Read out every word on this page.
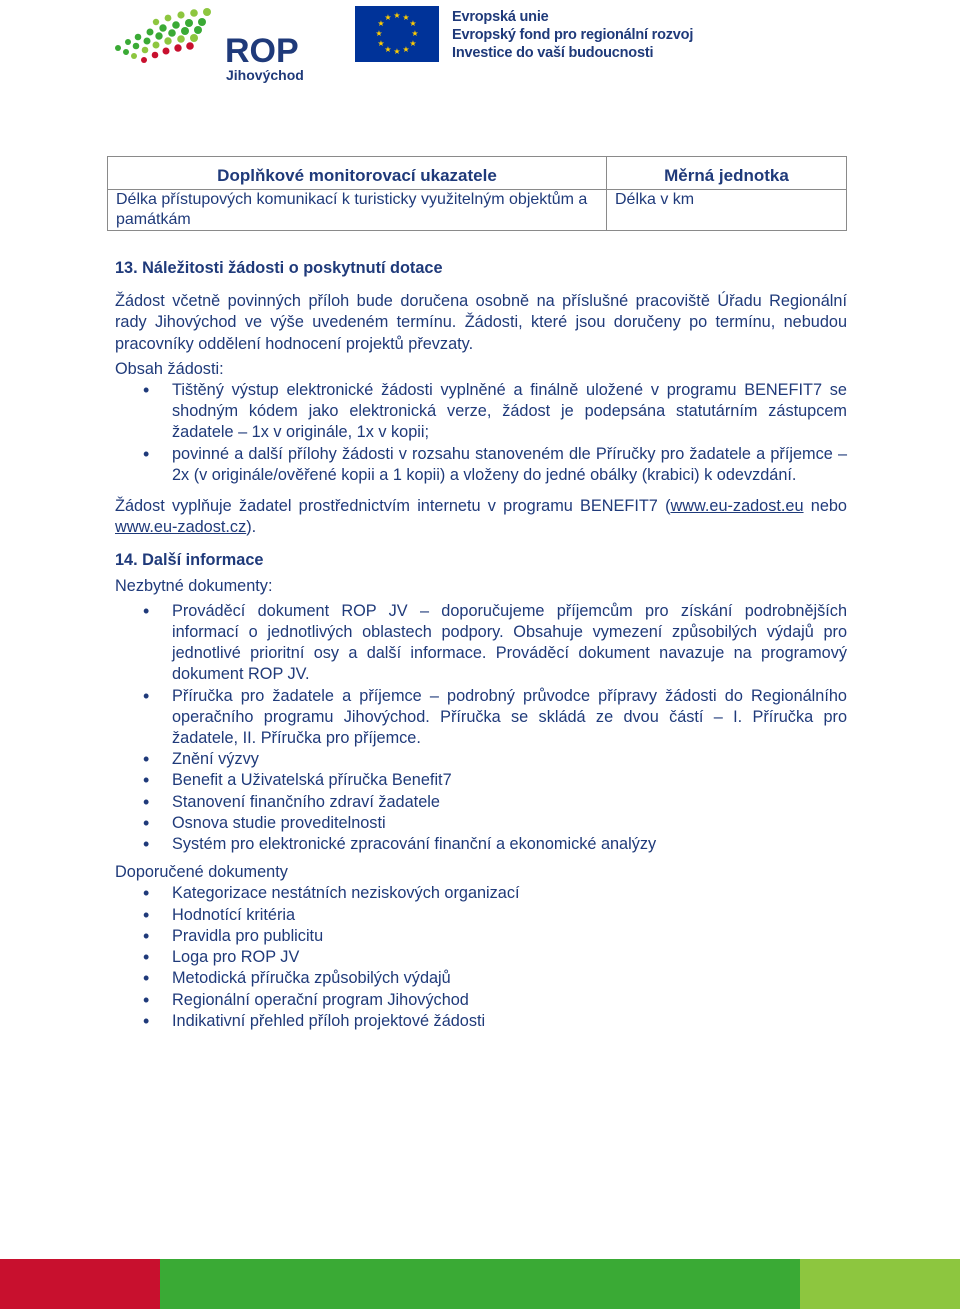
ROP
Jihovýchod
★ ★
★
★
★
★
★
★
★
★
★
★	Evropská unie
Evropský fond pro regionální rozvoj
Investice do vaší budoucnosti
Doplňkové monitorovací ukazatele	Měrná jednotka
Délka přístupových komunikací k turisticky využitelným objektům a památkám	Délka v km

13. Náležitosti žádosti o poskytnutí dotace

Žádost včetně povinných příloh bude doručena osobně na příslušné pracoviště Úřadu Regionální rady Jihovýchod ve výše uvedeném termínu. Žádosti, které jsou doručeny po termínu, nebudou pracovníky oddělení hodnocení projektů převzaty.

Obsah žádosti:

• Tištěný výstup elektronické žádosti vyplněné a finálně uložené v programu BENEFIT7 se shodným kódem jako elektronická verze, žádost je podepsána statutárním zástupcem žadatele – 1x v originále, 1x v kopii;
• povinné a další přílohy žádosti v rozsahu stanoveném dle Příručky pro žadatele a příjemce – 2x (v originále/ověřené kopii a 1 kopii) a vloženy do jedné obálky (krabici) k odevzdání.

Žádost vyplňuje žadatel prostřednictvím internetu v programu BENEFIT7 (www.eu-zadost.eu nebo www.eu-zadost.cz).

14. Další informace

Nezbytné dokumenty:

• Prováděcí dokument ROP JV – doporučujeme příjemcům pro získání podrobnějších informací o jednotlivých oblastech podpory. Obsahuje vymezení způsobilých výdajů pro jednotlivé prioritní osy a další informace. Prováděcí dokument navazuje na programový dokument ROP JV.
• Příručka pro žadatele a příjemce – podrobný průvodce přípravy žádosti do Regionálního operačního programu Jihovýchod. Příručka se skládá ze dvou částí – I. Příručka pro žadatele, II. Příručka pro příjemce.
• Znění výzvy
• Benefit a Uživatelská příručka Benefit7
• Stanovení finančního zdraví žadatele
• Osnova studie proveditelnosti
• Systém pro elektronické zpracování finanční a ekonomické analýzy

Doporučené dokumenty

• Kategorizace nestátních neziskových organizací
• Hodnotící kritéria
• Pravidla pro publicitu
• Loga pro ROP JV
• Metodická příručka způsobilých výdajů
• Regionální operační program Jihovýchod
• Indikativní přehled příloh projektové žádosti
